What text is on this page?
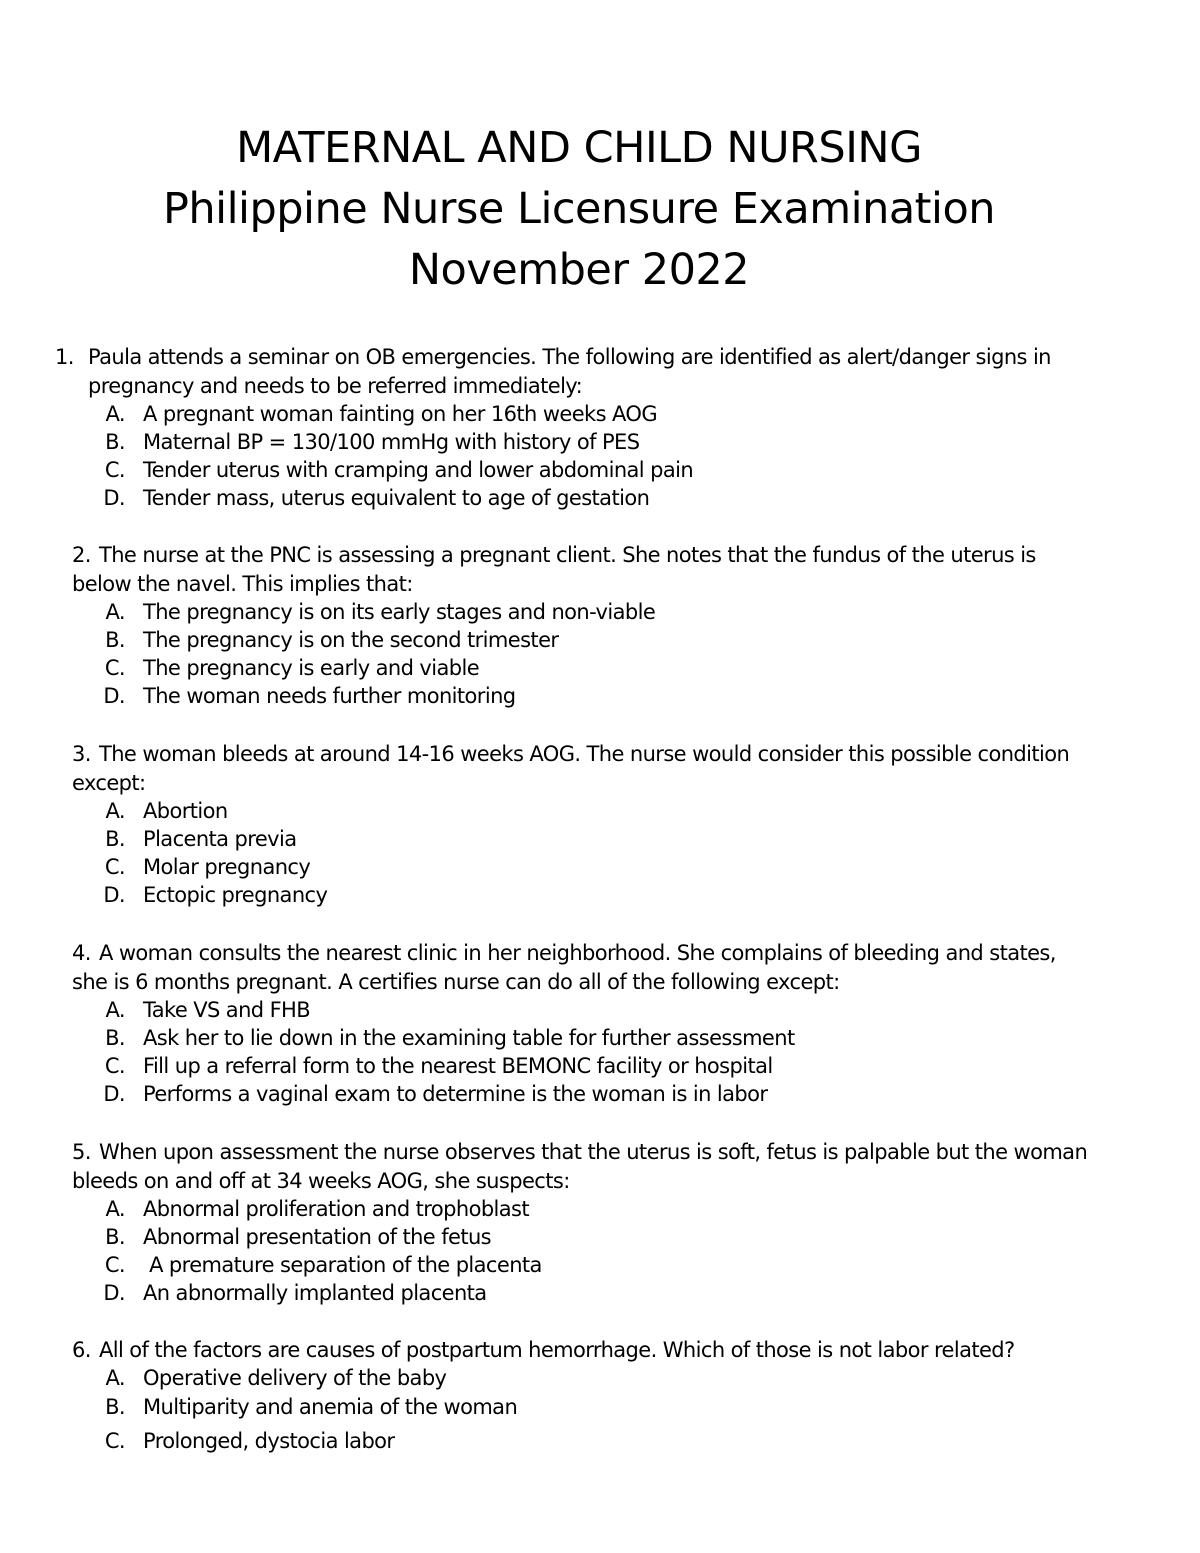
MATERNAL AND CHILD NURSING
Philippine Nurse Licensure Examination
November 2022
1. Paula attends a seminar on OB emergencies. The following are identified as alert/danger signs in
pregnancy and needs to be referred immediately:
A. A pregnant woman fainting on her 16th weeks AOG
B. Maternal BP = 130/100 mmHg with history of PES
C. Tender uterus with cramping and lower abdominal pain
D. Tender mass, uterus equivalent to age of gestation
2. The nurse at the PNC is assessing a pregnant client. She notes that the fundus of the uterus is
below the navel. This implies that:
A. The pregnancy is on its early stages and non-viable
B. The pregnancy is on the second trimester
C. The pregnancy is early and viable
D. The woman needs further monitoring
3. The woman bleeds at around 14-16 weeks AOG. The nurse would consider this possible condition
except:
A. Abortion
B. Placenta previa
C. Molar pregnancy
D. Ectopic pregnancy
4. A woman consults the nearest clinic in her neighborhood. She complains of bleeding and states,
she is 6 months pregnant. A certifies nurse can do all of the following except:
A. Take VS and FHB
B. Ask her to lie down in the examining table for further assessment
C. Fill up a referral form to the nearest BEMONC facility or hospital
D. Performs a vaginal exam to determine is the woman is in labor
5. When upon assessment the nurse observes that the uterus is soft, fetus is palpable but the woman
bleeds on and off at 34 weeks AOG, she suspects:
A. Abnormal proliferation and trophoblast
B. Abnormal presentation of the fetus
C. A premature separation of the placenta
D. An abnormally implanted placenta
6. All of the factors are causes of postpartum hemorrhage. Which of those is not labor related?
A. Operative delivery of the baby
B. Multiparity and anemia of the woman
C. Prolonged, dystocia labor
